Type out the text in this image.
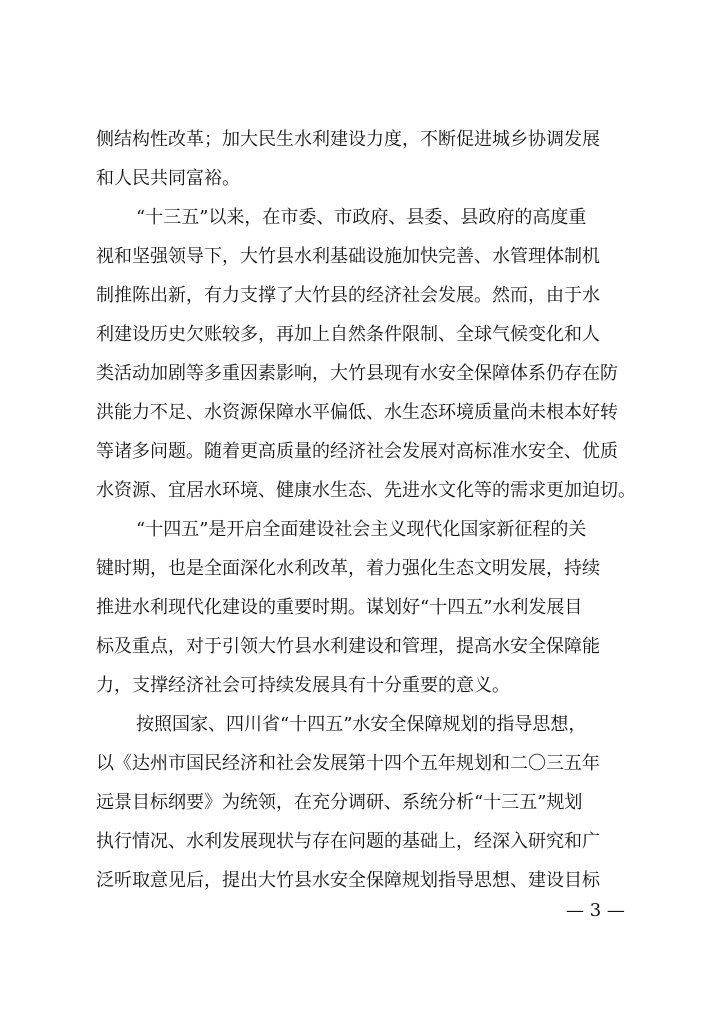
侧结构性改革；加大民生水利建设力度，不断促进城乡协调发展
和人民共同富裕。
“十三五”以来，在市委、市政府、县委、县政府的高度重
视和坚强领导下，大竹县水利基础设施加快完善、水管理体制机
制推陈出新，有力支撑了大竹县的经济社会发展。然而，由于水
利建设历史欠账较多，再加上自然条件限制、全球气候变化和人
类活动加剧等多重因素影响，大竹县现有水安全保障体系仍存在防
洪能力不足、水资源保障水平偏低、水生态环境质量尚未根本好转
等诸多问题。随着更高质量的经济社会发展对高标准水安全、优质
水资源、宜居水环境、健康水生态、先进水文化等的需求更加迫切。
“十四五”是开启全面建设社会主义现代化国家新征程的关
键时期，也是全面深化水利改革，着力强化生态文明发展，持续
推进水利现代化建设的重要时期。谋划好“十四五”水利发展目
标及重点，对于引领大竹县水利建设和管理，提高水安全保障能
力，支撑经济社会可持续发展具有十分重要的意义。
按照国家、四川省“十四五”水安全保障规划的指导思想，
以《达州市国民经济和社会发展第十四个五年规划和二〇三五年
远景目标纲要》为统领，在充分调研、系统分析“十三五”规划
执行情况、水利发展现状与存在问题的基础上，经深入研究和广
泛听取意见后，提出大竹县水安全保障规划指导思想、建设目标
— 3 —
